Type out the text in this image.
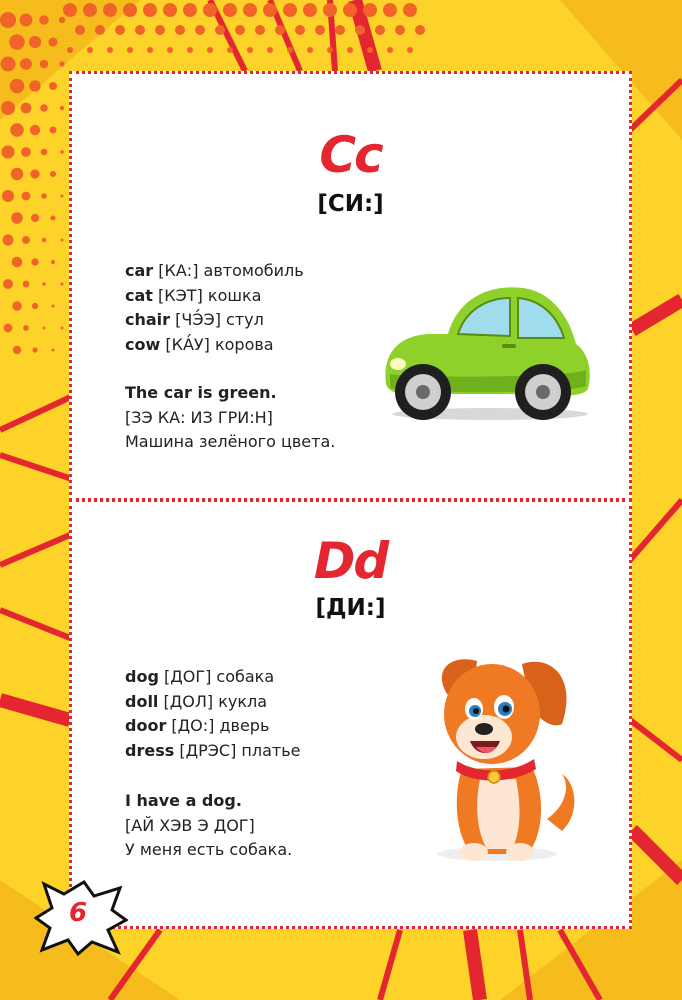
Cc
[СИ:]
car [КА:] автомобиль
cat [КЭТ] кошка
chair [ЧЭ́Э] стул
cow [КА́У] корова
The car is green.
[ЗЭ КА: ИЗ ГРИ:Н]
Машина зелёного цвета.
Dd
[ДИ:]
dog [ДОГ] собака
doll [ДОЛ] кукла
door [ДО:] дверь
dress [ДРЭС] платье
I have a dog.
[АЙ ХЭВ Э ДОГ]
У меня есть собака.
6
